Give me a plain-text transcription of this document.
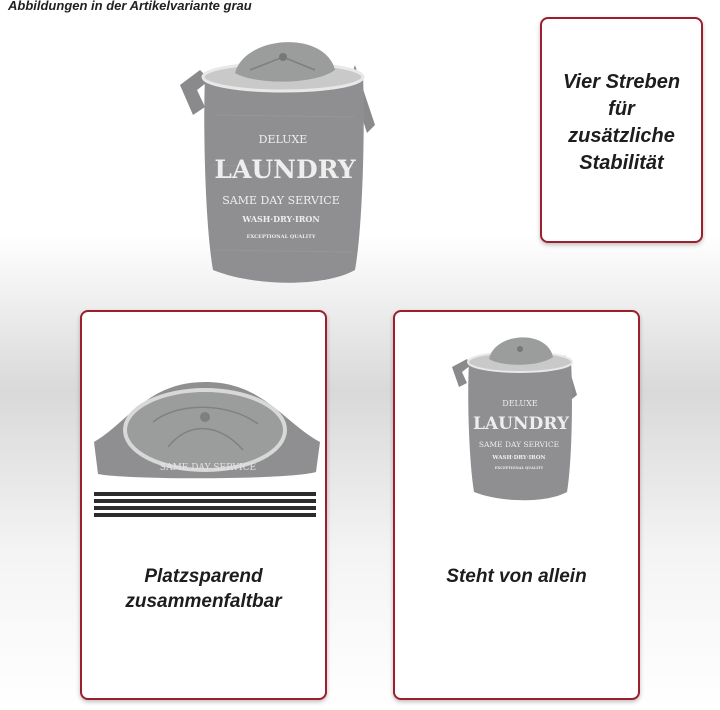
Abbildungen in der Artikelvariante grau
DELUXE
LAUNDRY
SAME DAY SERVICE
WASH·DRY·IRON
EXCEPTIONAL QUALITY
Vier Streben
für
zusätzliche
Stabilität
SAME DAY SERVICE
Platzsparend
zusammenfaltbar
DELUXE
LAUNDRY
SAME DAY SERVICE
WASH·DRY·IRON
EXCEPTIONAL QUALITY
Steht von allein
